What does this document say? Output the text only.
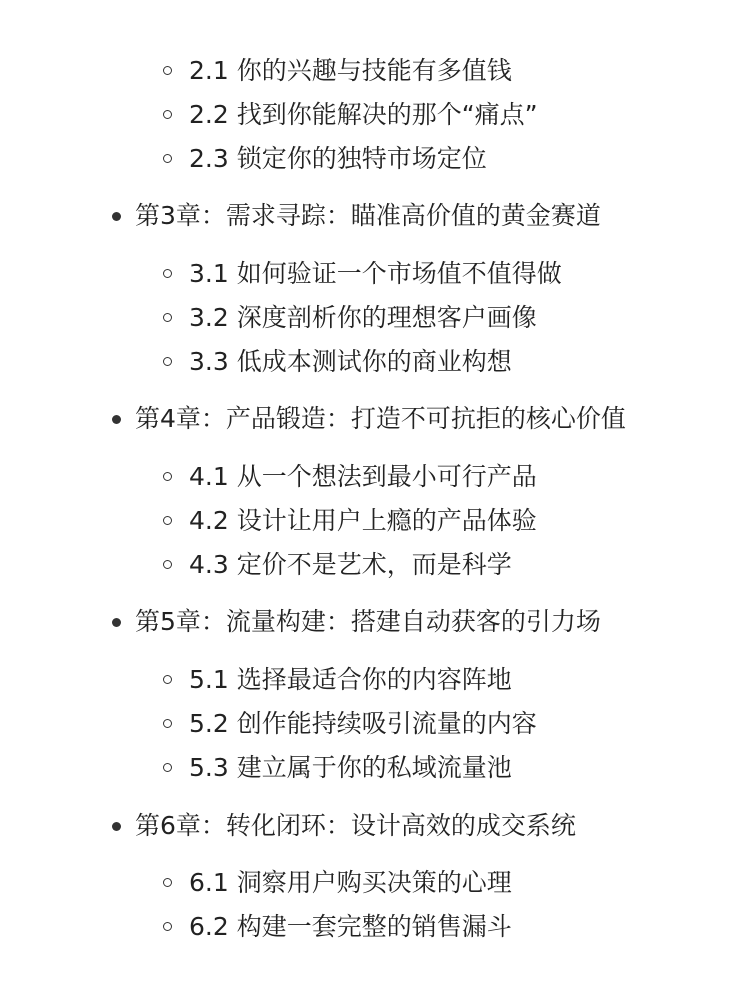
2.1 你的兴趣与技能有多值钱
2.2 找到你能解决的那个“痛点”
2.3 锁定你的独特市场定位
第3章：需求寻踪：瞄准高价值的黄金赛道
3.1 如何验证一个市场值不值得做
3.2 深度剖析你的理想客户画像
3.3 低成本测试你的商业构想
第4章：产品锻造：打造不可抗拒的核心价值
4.1 从一个想法到最小可行产品
4.2 设计让用户上瘾的产品体验
4.3 定价不是艺术，而是科学
第5章：流量构建：搭建自动获客的引力场
5.1 选择最适合你的内容阵地
5.2 创作能持续吸引流量的内容
5.3 建立属于你的私域流量池
第6章：转化闭环：设计高效的成交系统
6.1 洞察用户购买决策的心理
6.2 构建一套完整的销售漏斗
